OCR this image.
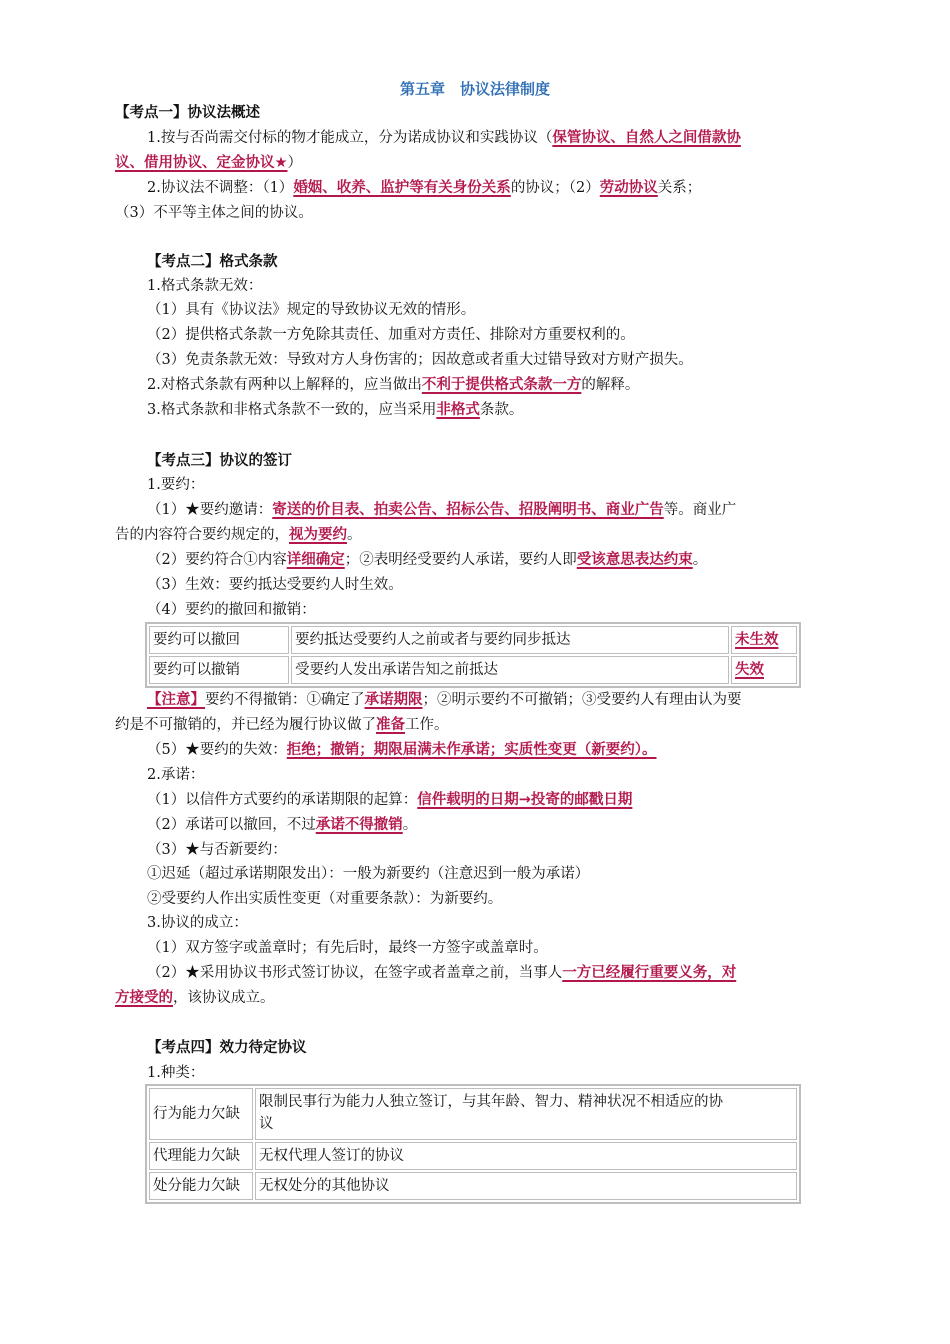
第五章　协议法律制度
【考点一】协议法概述
1.按与否尚需交付标的物才能成立，分为诺成协议和实践协议（保管协议、自然人之间借款协
议、借用协议、定金协议★）
2.协议法不调整：（1）婚姻、收养、监护等有关身份关系的协议；（2）劳动协议关系；
（3）不平等主体之间的协议。
【考点二】格式条款
1.格式条款无效：
（1）具有《协议法》规定的导致协议无效的情形。
（2）提供格式条款一方免除其责任、加重对方责任、排除对方重要权利的。
（3）免责条款无效：导致对方人身伤害的；因故意或者重大过错导致对方财产损失。
2.对格式条款有两种以上解释的，应当做出不利于提供格式条款一方的解释。
3.格式条款和非格式条款不一致的，应当采用非格式条款。
【考点三】协议的签订
1.要约：
（1）★要约邀请：寄送的价目表、拍卖公告、招标公告、招股阐明书、商业广告等。商业广
告的内容符合要约规定的，视为要约。
（2）要约符合①内容详细确定；②表明经受要约人承诺，要约人即受该意思表达约束。
（3）生效：要约抵达受要约人时生效。
（4）要约的撤回和撤销：
要约可以撤回	要约抵达受要约人之前或者与要约同步抵达	未生效
要约可以撤销	受要约人发出承诺告知之前抵达	失效
【注意】要约不得撤销：①确定了承诺期限；②明示要约不可撤销；③受要约人有理由认为要
约是不可撤销的，并已经为履行协议做了准备工作。
（5）★要约的失效：拒绝；撤销；期限届满未作承诺；实质性变更（新要约）。
2.承诺：
（1）以信件方式要约的承诺期限的起算：信件载明的日期→投寄的邮戳日期
（2）承诺可以撤回，不过承诺不得撤销。
（3）★与否新要约：
①迟延（超过承诺期限发出）：一般为新要约（注意迟到一般为承诺）
②受要约人作出实质性变更（对重要条款）：为新要约。
3.协议的成立：
（1）双方签字或盖章时；有先后时，最终一方签字或盖章时。
（2）★采用协议书形式签订协议，在签字或者盖章之前，当事人一方已经履行重要义务，对
方接受的，该协议成立。
【考点四】效力待定协议
1.种类：
行为能力欠缺	限制民事行为能力人独立签订，与其年龄、智力、精神状况不相适应的协
议

代理能力欠缺	无权代理人签订的协议
处分能力欠缺	无权处分的其他协议
